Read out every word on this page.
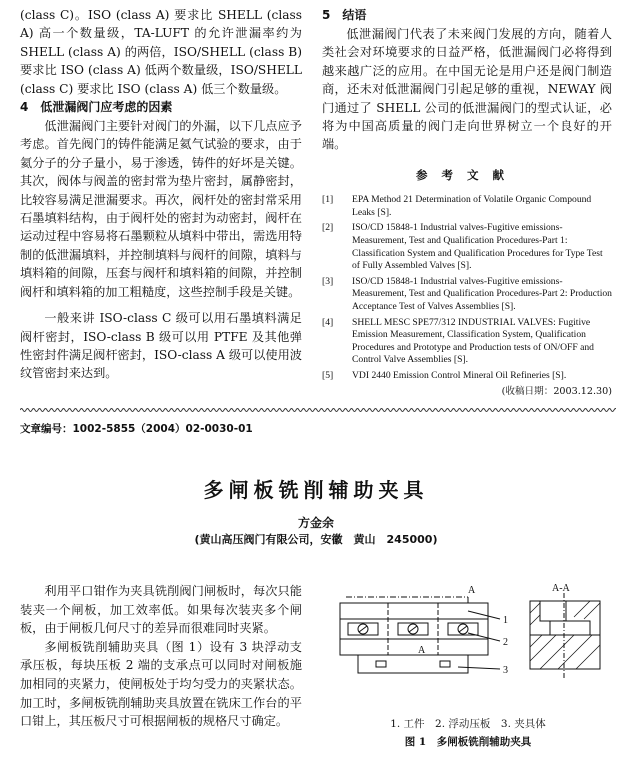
(class C)。ISO (class A) 要求比 SHELL (class A) 高一个数量级，TA-LUFT 的允许泄漏率约为 SHELL (class A) 的两倍，ISO/SHELL (class B) 要求比 ISO (class A) 低两个数量级，ISO/SHELL (class C) 要求比 ISO (class A) 低三个数量级。

4　低泄漏阀门应考虑的因素

低泄漏阀门主要针对阀门的外漏，以下几点应予考虑。首先阀门的铸件能满足氦气试验的要求，由于氦分子的分子量小，易于渗透，铸件的好坏是关键。其次，阀体与阀盖的密封常为垫片密封，属静密封，比较容易满足泄漏要求。再次，阀杆处的密封常采用石墨填料结构，由于阀杆处的密封为动密封，阀杆在运动过程中容易将石墨颗粒从填料中带出，需选用特制的低泄漏填料，并控制填料与阀杆的间隙，填料与填料箱的间隙，压套与阀杆和填料箱的间隙，并控制阀杆和填料箱的加工粗糙度，这些控制手段是关键。

一般来讲 ISO-class C 级可以用石墨填料满足阀杆密封，ISO-class B 级可以用 PTFE 及其他弹性密封件满足阀杆密封，ISO-class A 级可以使用波纹管密封来达到。

5　结语

低泄漏阀门代表了未来阀门发展的方向，随着人类社会对环境要求的日益严格，低泄漏阀门必将得到越来越广泛的应用。在中国无论是用户还是阀门制造商，还未对低泄漏阀门引起足够的重视，NEWAY 阀门通过了 SHELL 公司的低泄漏阀门的型式认证，必将为中国高质量的阀门走向世界树立一个良好的开端。

参考文献
[1]	EPA Method 21 Determination of Volatile Organic Compound Leaks [S].
[2]	ISO/CD 15848-1 Industrial valves-Fugitive emissions-Measurement, Test and Qualification Procedures-Part 1: Classification System and Qualification Procedures for Type Test of Fully Assembled Valves [S].
[3]	ISO/CD 15848-1 Industrial valves-Fugitive emissions-Measurement, Test and Qualification Procedures-Part 2: Production Acceptance Test of Valves Assemblies [S].
[4]	SHELL MESC SPE77/312 INDUSTRIAL VALVES: Fugitive Emission Measurement, Classification System, Qualification Procedures and Prototype and Production tests of ON/OFF and Control Valve Assemblies [S].
[5]	VDI 2440 Emission Control Mineral Oil Refineries [S].
(收稿日期：2003.12.30)
文章编号：1002-5855（2004）02-0030-01
多闸板铣削辅助夹具
方金余
(黄山高压阀门有限公司，安徽　黄山　245000)

利用平口钳作为夹具铣削阀门闸板时，每次只能装夹一个闸板，加工效率低。如果每次装夹多个闸板，由于闸板几何尺寸的差异而很难同时夹紧。

多闸板铣削辅助夹具（图 1）设有 3 块浮动支承压板，每块压板 2 端的支承点可以同时对闸板施加相同的夹紧力，使闸板处于均匀受力的夹紧状态。加工时，多闸板铣削辅助夹具放置在铣床工作台的平口钳上，其压板尺寸可根据闸板的规格尺寸确定。

A
A
A-A
1
2
3
1. 工件　2. 浮动压板　3. 夹具体
图 1　多闸板铣削辅助夹具
